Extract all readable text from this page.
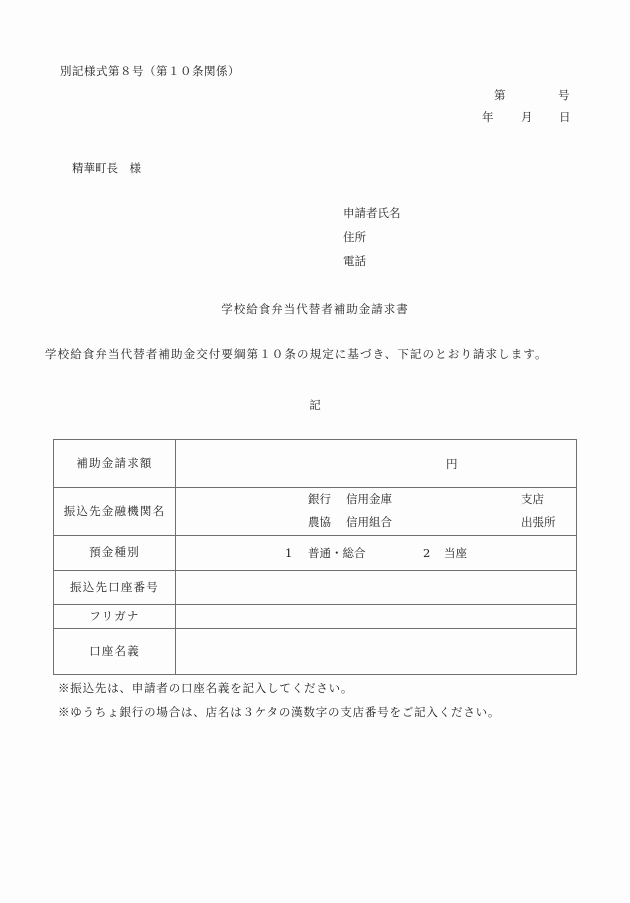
別記様式第８号（第１０条関係）
第	号
年 月 日
精華町長　様
申請者氏名
住所
電話
学校給食弁当代替者補助金請求書
学校給食弁当代替者補助金交付要綱第１０条の規定に基づき、下記のとおり請求します。
記
補助金請求額	円

振込先金融機関名	
銀行 信用金庫	支店
農協 信用組合	出張所

預金種別	1 普通・総合 2 当座

振込先口座番号	
フリガナ	
口座名義	
※振込先は、申請者の口座名義を記入してください。
※ゆうちょ銀行の場合は、店名は３ケタの漢数字の支店番号をご記入ください。
